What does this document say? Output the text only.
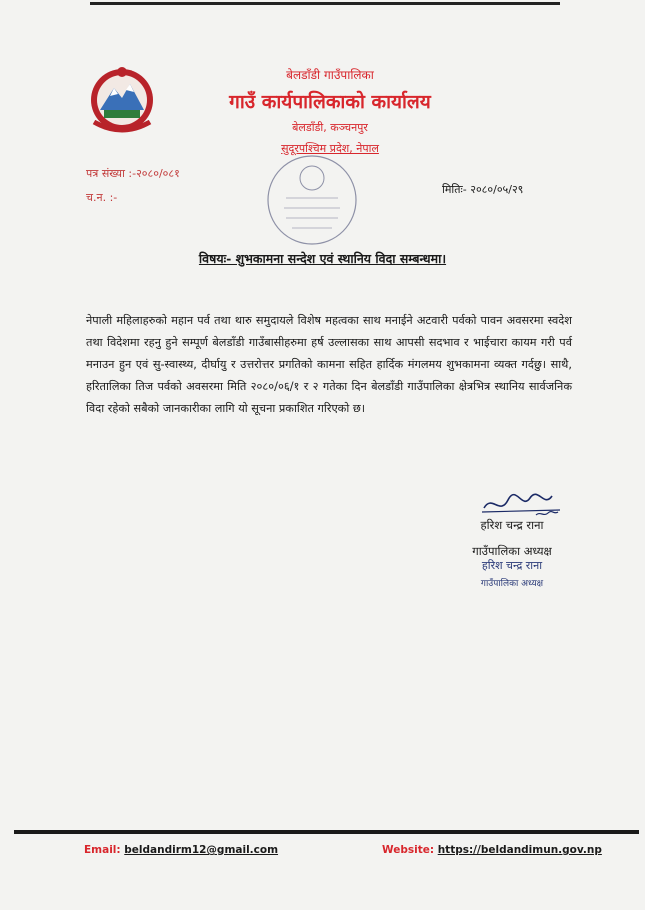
बेलडाँडी गाउँपालिका
गाउँ कार्यपालिकाको कार्यालय
बेलडाँडी, कञ्चनपुर
सुदूरपश्चिम प्रदेश, नेपाल
पत्र संख्या :-२०८०/०८१
च.न. :-
मितिः- २०८०/०५/२९
विषयः- शुभकामना सन्देश एवं स्थानिय विदा सम्बन्धमा।
नेपाली महिलाहरुको महान पर्व तथा थारु समुदायले विशेष महत्वका साथ मनाईने अटवारी पर्वको पावन अवसरमा स्वदेश तथा विदेशमा रहनु हुने सम्पूर्ण बेलडाँडी गाउँबासीहरुमा हर्ष उल्लासका साथ आपसी सदभाव र भाईचारा कायम गरी पर्व मनाउन हुन एवं सु-स्वास्थ्य, दीर्घायु र उत्तरोत्तर प्रगतिको कामना सहित हार्दिक मंगलमय शुभकामना व्यक्त गर्दछु। साथै, हरितालिका तिज पर्वको अवसरमा मिति २०८०/०६/१ र २ गतेका दिन बेलडाँडी गाउँपालिका क्षेत्रभित्र स्थानिय सार्वजनिक विदा रहेको सबैको जानकारीका लागि यो सूचना प्रकाशित गरिएको छ।
हरिश चन्द्र राना
गाउँपालिका अध्यक्ष
हरिश चन्द्र राना
गाउँपालिका अध्यक्ष
Email: beldandirm12@gmail.com	Website: https://beldandimun.gov.np
